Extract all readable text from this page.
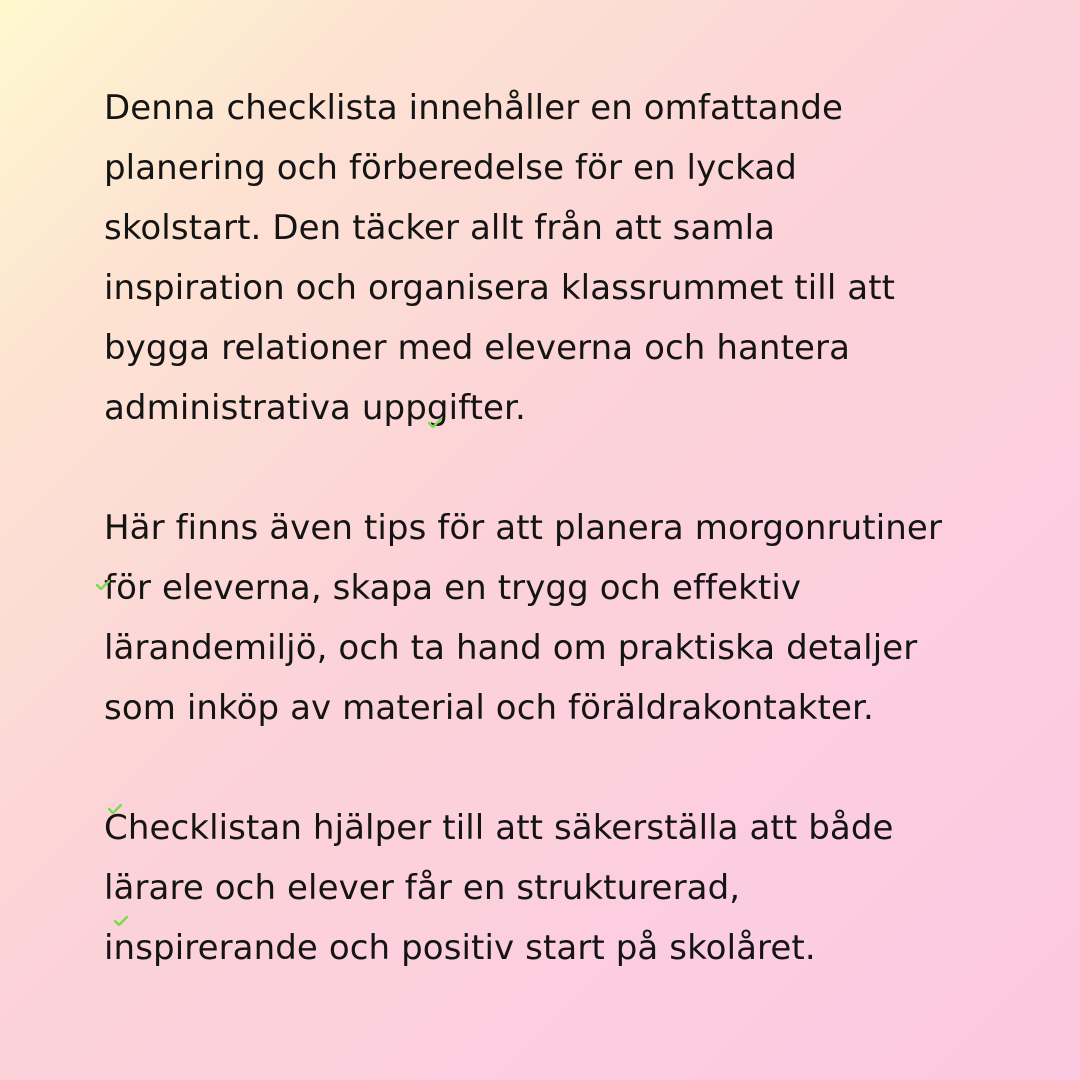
Denna checklista innehåller en omfattande
planering och förberedelse för en lyckad
skolstart. Den täcker allt från att samla
inspiration och organisera klassrummet till att
bygga relationer med eleverna och hantera
administrativa uppgifter.
Här finns även tips för att planera morgonrutiner
för eleverna, skapa en trygg och effektiv
lärandemiljö, och ta hand om praktiska detaljer
som inköp av material och föräldrakontakter.
Checklistan hjälper till att säkerställa att både
lärare och elever får en strukturerad,
inspirerande och positiv start på skolåret.
